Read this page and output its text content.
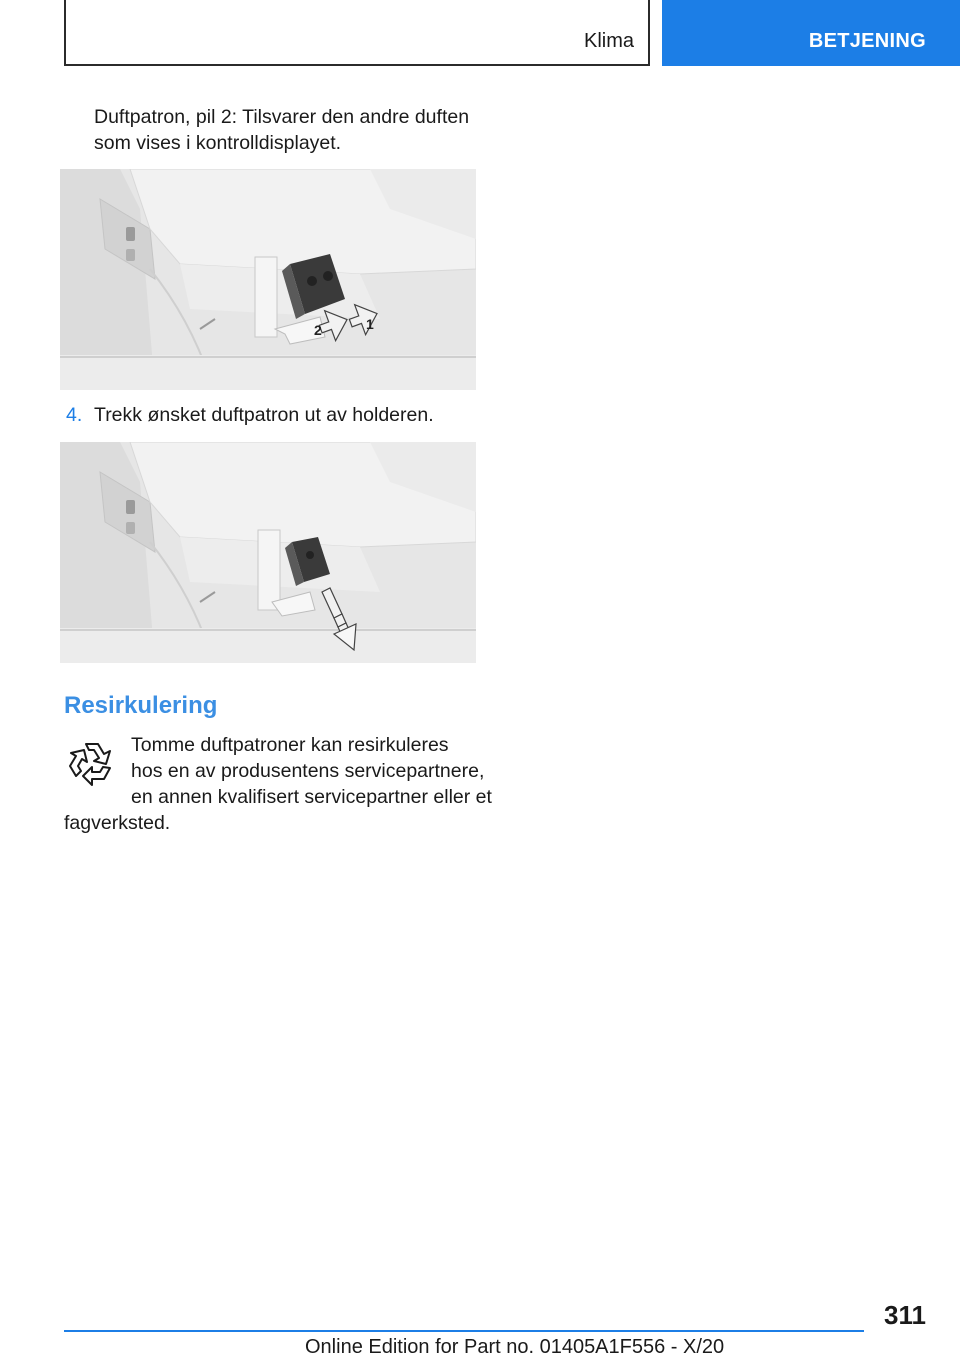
Klima	BETJENING
Duftpatron, pil 2: Tilsvarer den andre duften
som vises i kontrolldisplayet.
2	1
4. Trekk ønsket duftpatron ut av holderen.
Resirkulering
Tomme duftpatroner kan resirkuleres
hos en av produsentens servicepartnere,
en annen kvalifisert servicepartner eller et
fagverksted.
311
Online Edition for Part no. 01405A1F556 - X/20
